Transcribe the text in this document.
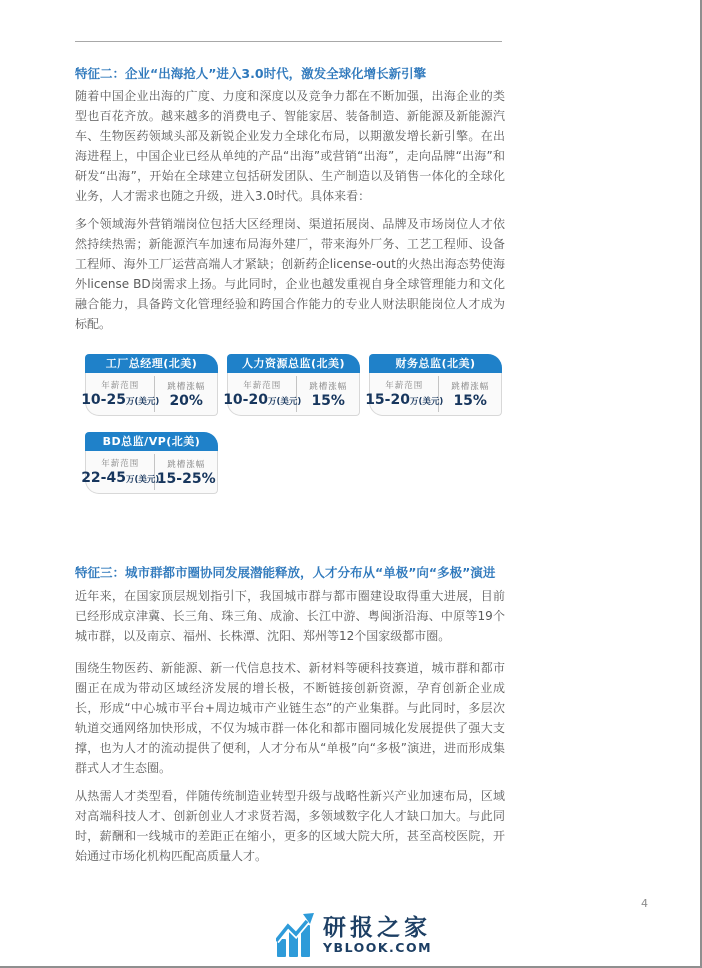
特征二：企业“出海抢人”进入3.0时代，激发全球化增长新引擎

随着中国企业出海的广度、力度和深度以及竞争力都在不断加强，出海企业的类型也百花齐放。越来越多的消费电子、智能家居、装备制造、新能源及新能源汽车、生物医药领域头部及新锐企业发力全球化布局，以期激发增长新引擎。在出海进程上，中国企业已经从单纯的产品“出海”或营销“出海”，走向品牌“出海”和研发“出海”，开始在全球建立包括研发团队、生产制造以及销售一体化的全球化业务，人才需求也随之升级，进入3.0时代。具体来看：

多个领域海外营销端岗位包括大区经理岗、渠道拓展岗、品牌及市场岗位人才依然持续热需；新能源汽车加速布局海外建厂，带来海外厂务、工艺工程师、设备工程师、海外工厂运营高端人才紧缺；创新药企license-out的火热出海态势使海外license BD岗需求上扬。与此同时，企业也越发重视自身全球管理能力和文化融合能力，具备跨文化管理经验和跨国合作能力的专业人财法职能岗位人才成为标配。

工厂总经理(北美)
年薪范围
10-25万(美元)
跳槽涨幅
20%
人力资源总监(北美)
年薪范围
10-20万(美元)
跳槽涨幅
15%
财务总监(北美)
年薪范围
15-20万(美元)
跳槽涨幅
15%
BD总监/VP(北美)
年薪范围
22-45万(美元)
跳槽涨幅
15-25%
特征三：城市群都市圈协同发展潜能释放，人才分布从“单极”向“多极”演进

近年来，在国家顶层规划指引下，我国城市群与都市圈建设取得重大进展，目前已经形成京津冀、长三角、珠三角、成渝、长江中游、粤闽浙沿海、中原等19个城市群，以及南京、福州、长株潭、沈阳、郑州等12个国家级都市圈。

围绕生物医药、新能源、新一代信息技术、新材料等硬科技赛道，城市群和都市圈正在成为带动区域经济发展的增长极，不断链接创新资源，孕育创新企业成长，形成“中心城市平台+周边城市产业链生态”的产业集群。与此同时，多层次轨道交通网络加快形成，不仅为城市群一体化和都市圈同城化发展提供了强大支撑，也为人才的流动提供了便利，人才分布从“单极”向“多极”演进，进而形成集群式人才生态圈。

从热需人才类型看，伴随传统制造业转型升级与战略性新兴产业加速布局，区域对高端科技人才、创新创业人才求贤若渴，多领域数字化人才缺口加大。与此同时，薪酬和一线城市的差距正在缩小，更多的区域大院大所，甚至高校医院，开始通过市场化机构匹配高质量人才。

4
研报之家
YBLOOK.COM
